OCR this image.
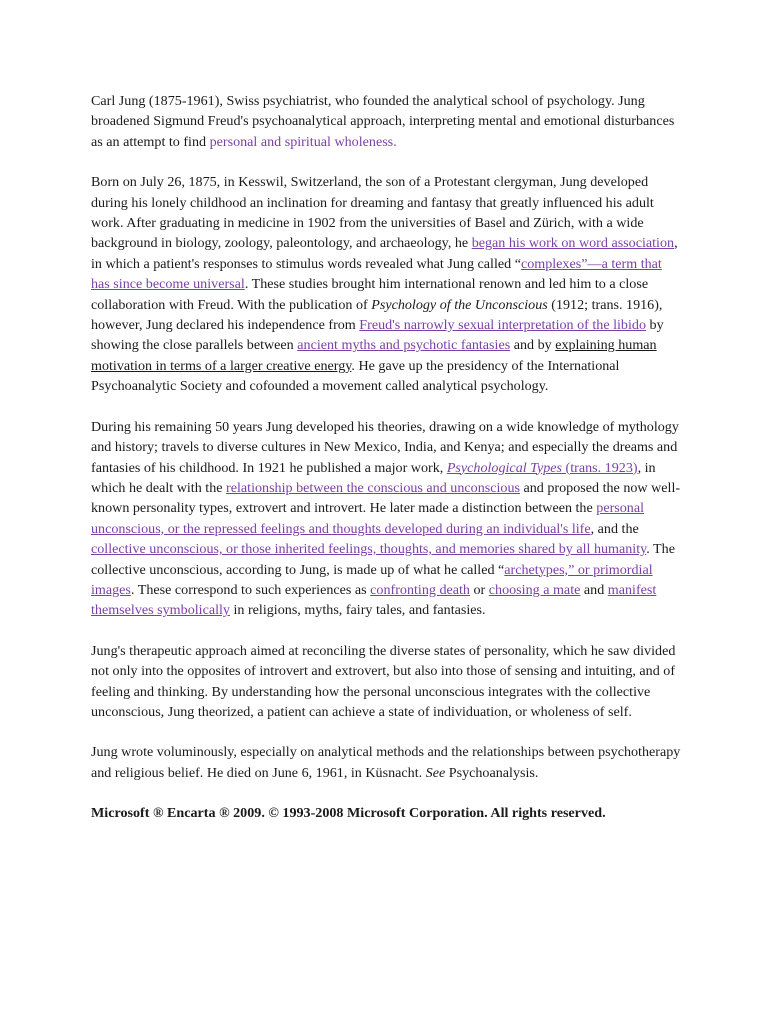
Carl Jung (1875-1961), Swiss psychiatrist, who founded the analytical school of psychology. Jung broadened Sigmund Freud's psychoanalytical approach, interpreting mental and emotional disturbances as an attempt to find personal and spiritual wholeness.

Born on July 26, 1875, in Kesswil, Switzerland, the son of a Protestant clergyman, Jung developed during his lonely childhood an inclination for dreaming and fantasy that greatly influenced his adult work. After graduating in medicine in 1902 from the universities of Basel and Zürich, with a wide background in biology, zoology, paleontology, and archaeology, he began his work on word association, in which a patient's responses to stimulus words revealed what Jung called “complexes”—a term that has since become universal. These studies brought him international renown and led him to a close collaboration with Freud. With the publication of Psychology of the Unconscious (1912; trans. 1916), however, Jung declared his independence from Freud's narrowly sexual interpretation of the libido by showing the close parallels between ancient myths and psychotic fantasies and by explaining human motivation in terms of a larger creative energy. He gave up the presidency of the International Psychoanalytic Society and cofounded a movement called analytical psychology.

During his remaining 50 years Jung developed his theories, drawing on a wide knowledge of mythology and history; travels to diverse cultures in New Mexico, India, and Kenya; and especially the dreams and fantasies of his childhood. In 1921 he published a major work, Psychological Types (trans. 1923), in which he dealt with the relationship between the conscious and unconscious and proposed the now well-known personality types, extrovert and introvert. He later made a distinction between the personal unconscious, or the repressed feelings and thoughts developed during an individual's life, and the collective unconscious, or those inherited feelings, thoughts, and memories shared by all humanity. The collective unconscious, according to Jung, is made up of what he called “archetypes,” or primordial images. These correspond to such experiences as confronting death or choosing a mate and manifest themselves symbolically in religions, myths, fairy tales, and fantasies.

Jung's therapeutic approach aimed at reconciling the diverse states of personality, which he saw divided not only into the opposites of introvert and extrovert, but also into those of sensing and intuiting, and of feeling and thinking. By understanding how the personal unconscious integrates with the collective unconscious, Jung theorized, a patient can achieve a state of individuation, or wholeness of self.

Jung wrote voluminously, especially on analytical methods and the relationships between psychotherapy and religious belief. He died on June 6, 1961, in Küsnacht. See Psychoanalysis.

Microsoft ® Encarta ® 2009. © 1993-2008 Microsoft Corporation. All rights reserved.
